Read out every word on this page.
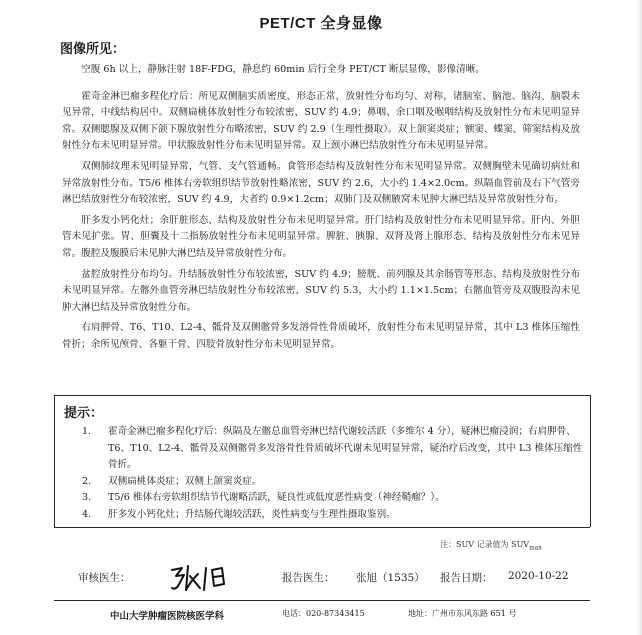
PET/CT 全身显像
图像所见：

空腹 6h 以上，静脉注射 18F-FDG，静息约 60min 后行全身 PET/CT 断层显像，影像清晰。

霍奇金淋巴瘤多程化疗后：所见双侧脑实质密度、形态正常，放射性分布均匀、对称，诸脑室、脑池、脑沟、脑裂未见异常，中线结构居中。双侧扁桃体放射性分布较浓密，SUV 约 4.9；鼻咽、余口咽及喉咽结构及放射性分布未见明显异常。双侧腮腺及双侧下颌下腺放射性分布略浓密，SUV 约 2.9（生理性摄取）。双上颌窦炎症；额窦、蝶窦、筛窦结构及放射性分布未见明显异常。甲状腺放射性分布未见明显异常。双上颈小淋巴结放射性分布未见明显异常。

双侧肺纹理未见明显异常，气管、支气管通畅。食管形态结构及放射性分布未见明显异常。双侧胸壁未见确切病灶和异常放射性分布。T5/6 椎体右旁软组织结节放射性略浓密，SUV 约 2.6，大小约 1.4×2.0cm。纵隔血管前及右下气管旁淋巴结放射性分布较浓密，SUV 约 4.9，大者约 0.9×1.2cm；双肺门及双侧腋窝未见肿大淋巴结及异常放射性分布。

肝多发小钙化灶；余肝脏形态、结构及放射性分布未见明显异常。肝门结构及放射性分布未见明显异常。肝内、外胆管未见扩张。胃、胆囊及十二指肠放射性分布未见明显异常。脾脏、胰腺、双肾及肾上腺形态、结构及放射性分布未见异常。腹腔及腹膜后未见肿大淋巴结及异常放射性分布。

盆腔放射性分布均匀。升结肠放射性分布较浓密，SUV 约 4.9；膀胱、前列腺及其余肠管等形态、结构及放射性分布未见明显异常。左髂外血管旁淋巴结放射性分布较浓密，SUV 约 5.3，大小约 1.1×1.5cm；右髂血管旁及双腹股沟未见肿大淋巴结及异常放射性分布。

右肩胛骨、T6、T10、L2-4、骶骨及双侧髂骨多发溶骨性骨质破坏，放射性分布未见明显异常，其中 L3 椎体压缩性骨折；余所见颅骨、各躯干骨、四肢骨放射性分布未见明显异常。

提示：
1.	霍奇金淋巴瘤多程化疗后：纵隔及左髂总血管旁淋巴结代谢较活跃（多维尔 4 分），疑淋巴瘤浸润；右肩胛骨、T6、T10、L2-4、骶骨及双侧髂骨多发溶骨性骨质破坏代谢未见明显异常，疑治疗后改变，其中 L3 椎体压缩性骨折。
2.	双侧扁桃体炎症；双侧上颌窦炎症。
3.	T5/6 椎体右旁软组织结节代谢略活跃，疑良性或低度恶性病变（神经鞘瘤？）。
4.	肝多发小钙化灶；升结肠代谢较活跃，炎性病变与生理性摄取鉴别。
注：SUV 记录值为 $SUV_{max}$
审核医生：	报告医生： 张旭（1535） 报告日期： 2020-10-22
中山大学肿瘤医院核医学科	电话：020-87343415	地址：广州市东风东路 651 号
